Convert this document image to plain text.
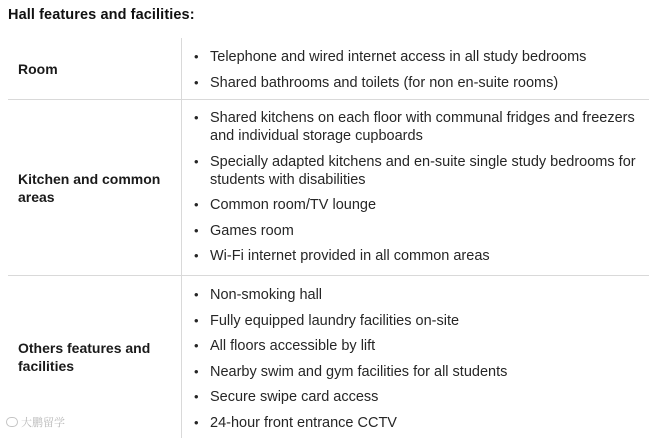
Hall features and facilities:
Room
• Telephone and wired internet access in all study bedrooms
• Shared bathrooms and toilets (for non en-suite rooms)
Kitchen and common areas
• Shared kitchens on each floor with communal fridges and freezers and individual storage cupboards
• Specially adapted kitchens and en-suite single study bedrooms for students with disabilities
• Common room/TV lounge
• Games room
• Wi-Fi internet provided in all common areas
Others features and facilities
• Non-smoking hall
• Fully equipped laundry facilities on-site
• All floors accessible by lift
• Nearby swim and gym facilities for all students
• Secure swipe card access
• 24-hour front entrance CCTV
大鹏留学
